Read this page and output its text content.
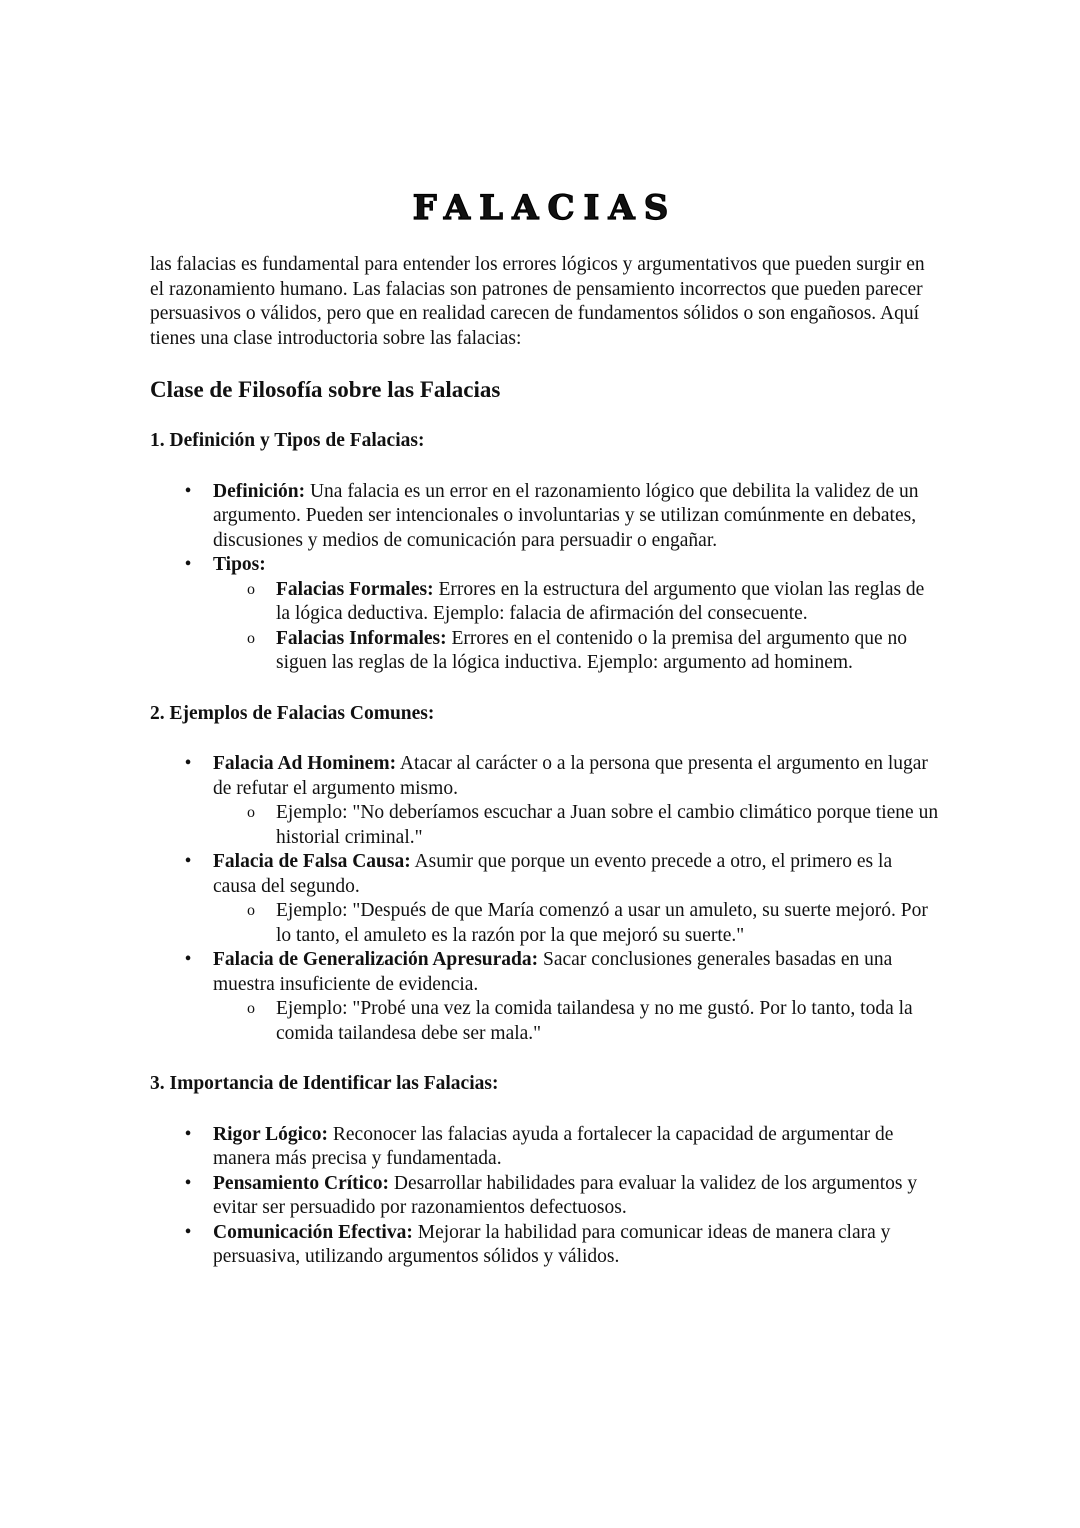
FALACIAS

las falacias es fundamental para entender los errores lógicos y argumentativos que pueden surgir en el razonamiento humano. Las falacias son patrones de pensamiento incorrectos que pueden parecer persuasivos o válidos, pero que en realidad carecen de fundamentos sólidos o son engañosos. Aquí tienes una clase introductoria sobre las falacias:

Clase de Filosofía sobre las Falacias
1. Definición y Tipos de Falacias:
• Definición: Una falacia es un error en el razonamiento lógico que debilita la validez de un argumento. Pueden ser intencionales o involuntarias y se utilizan comúnmente en debates, discusiones y medios de comunicación para persuadir o engañar.
• Tipos:
o Falacias Formales: Errores en la estructura del argumento que violan las reglas de la lógica deductiva. Ejemplo: falacia de afirmación del consecuente.
o Falacias Informales: Errores en el contenido o la premisa del argumento que no siguen las reglas de la lógica inductiva. Ejemplo: argumento ad hominem.
2. Ejemplos de Falacias Comunes:
• Falacia Ad Hominem: Atacar al carácter o a la persona que presenta el argumento en lugar de refutar el argumento mismo.
o Ejemplo: "No deberíamos escuchar a Juan sobre el cambio climático porque tiene un historial criminal."
• Falacia de Falsa Causa: Asumir que porque un evento precede a otro, el primero es la causa del segundo.
o Ejemplo: "Después de que María comenzó a usar un amuleto, su suerte mejoró. Por lo tanto, el amuleto es la razón por la que mejoró su suerte."
• Falacia de Generalización Apresurada: Sacar conclusiones generales basadas en una muestra insuficiente de evidencia.
o Ejemplo: "Probé una vez la comida tailandesa y no me gustó. Por lo tanto, toda la comida tailandesa debe ser mala."
3. Importancia de Identificar las Falacias:
• Rigor Lógico: Reconocer las falacias ayuda a fortalecer la capacidad de argumentar de manera más precisa y fundamentada.
• Pensamiento Crítico: Desarrollar habilidades para evaluar la validez de los argumentos y evitar ser persuadido por razonamientos defectuosos.
• Comunicación Efectiva: Mejorar la habilidad para comunicar ideas de manera clara y persuasiva, utilizando argumentos sólidos y válidos.
